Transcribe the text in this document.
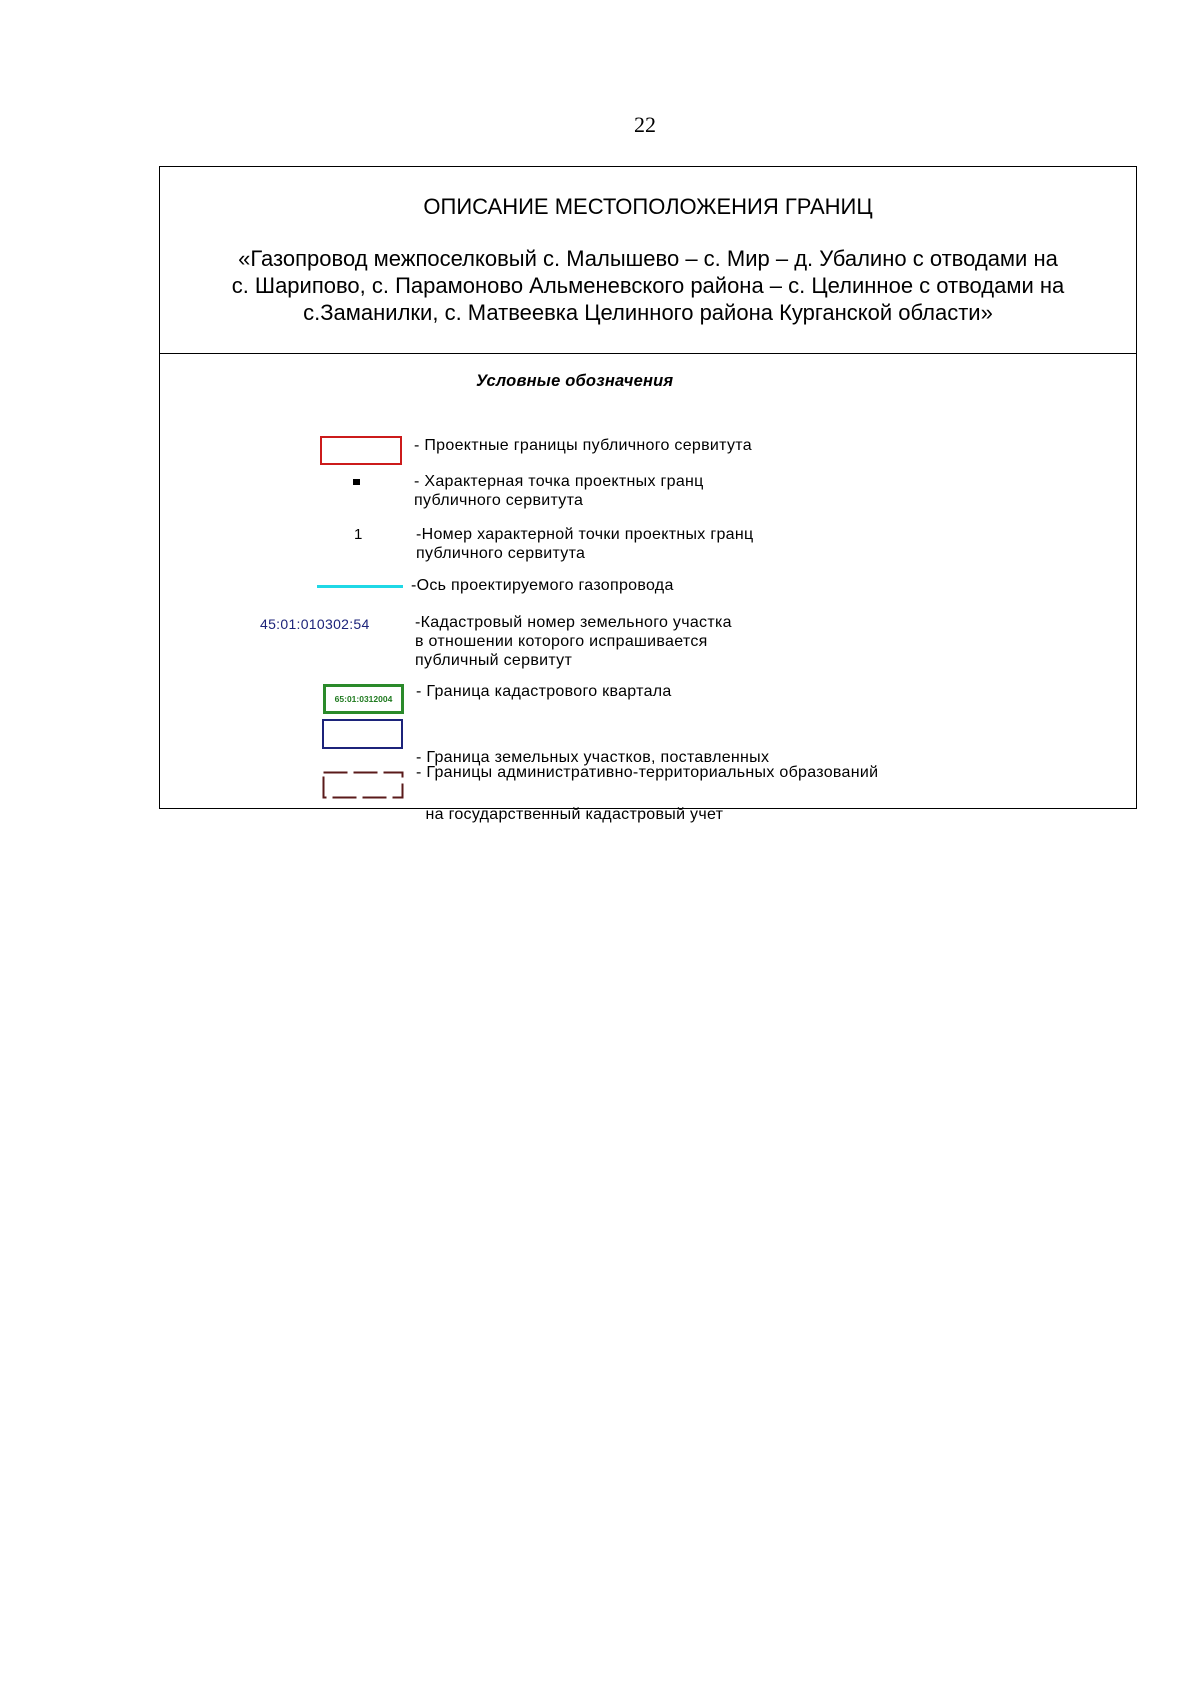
22
ОПИСАНИЕ МЕСТОПОЛОЖЕНИЯ ГРАНИЦ
«Газопровод межпоселковый с. Малышево – с. Мир – д. Убалино с отводами на
с. Шарипово, с. Парамоново Альменевского района – с. Целинное с отводами на
с.Заманилки, с. Матвеевка Целинного района Курганской области»
Условные обозначения
- Проектные границы публичного сервитута
- Характерная точка проектных гранц
публичного сервитута
1	-Номер характерной точки проектных гранц
публичного сервитута
-Ось проектируемого газопровода
45:01:010302:54	-Кадастровый номер земельного участка
в отношении которого испрашивается
публичный сервитут
65:01:0312004	- Граница кадастрового квартала

- Граница земельных участков, поставленных

на государственный кадастровый учет

- Границы административно-территориальных образований
